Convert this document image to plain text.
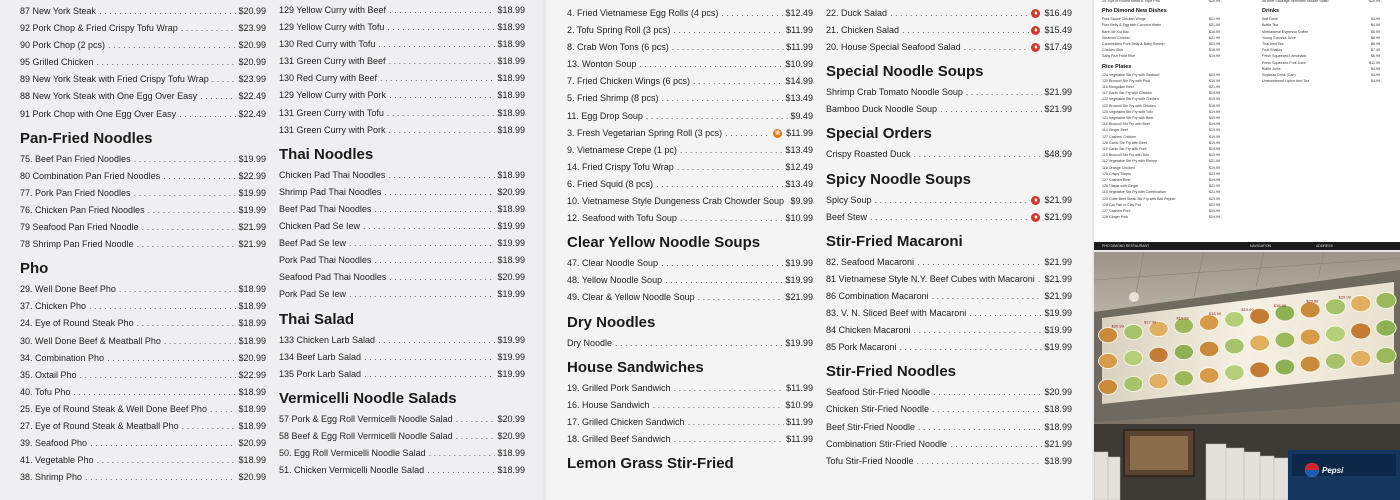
87 New York Steak . . .	$20.99
92 Pork Chop & Fried Crispy Tofu Wrap . . .	$23.99
90 Pork Chop (2 pcs) . . .	$20.99
95 Grilled Chicken . . .	$20.99
89 New York Steak with Fried Crispy Tofu Wrap . . .	$23.99
88 New York Steak with One Egg Over Easy . . .	$22.49
91 Pork Chop with One Egg Over Easy . . .	$22.49
Pan-Fried Noodles
75. Beef Pan Fried Noodles . . .	$19.99
80 Combination Pan Fried Noodles . . .	$22.99
77. Pork Pan Fried Noodles . . .	$19.99
76. Chicken Pan Fried Noodles . . .	$19.99
79 Seafood Pan Fried Noodle . . .	$21.99
78 Shrimp Pan Fried Noodle . . .	$21.99
Pho
29. Well Done Beef Pho . . .	$18.99
37. Chicken Pho . . .	$18.99
24. Eye of Round Steak Pho . . .	$18.99
30. Well Done Beef & Meatball Pho . . .	$18.99
34. Combination Pho . . .	$20.99
35. Oxtail Pho . . .	$22.99
40. Tofu Pho . . .	$18.99
25. Eye of Round Steak & Well Done Beef Pho . . .	$18.99
27. Eye of Round Steak & Meatball Pho . . .	$18.99
39. Seafood Pho . . .	$20.99
41. Vegetable Pho . . .	$18.99
38. Shrimp Pho . . .	$20.99
129 Yellow Curry with Beef . . .	$18.99
129 Yellow Curry with Tofu . . .	$18.99
130 Red Curry with Tofu . . .	$18.99
131 Green Curry with Beef . . .	$18.99
130 Red Curry with Beef . . .	$18.99
129 Yellow Curry with Pork . . .	$18.99
131 Green Curry with Tofu . . .	$18.99
131 Green Curry with Pork . . .	$18.99
Thai Noodles
Chicken Pad Thai Noodles . . .	$18.99
Shrimp Pad Thai Noodles . . .	$20.99
Beef Pad Thai Noodles . . .	$18.99
Chicken Pad Se Iew . . .	$19.99
Beef Pad Se Iew . . .	$19.99
Pork Pad Thai Noodles . . .	$18.99
Seafood Pad Thai Noodles . . .	$20.99
Pork Pad Se Iew . . .	$19.99
Thai Salad
133 Chicken Larb Salad . . .	$19.99
134 Beef Larb Salad . . .	$19.99
135 Pork Larb Salad . . .	$19.99
Vermicelli Noodle Salads
57 Pork & Egg Roll Vermicelli Noodle Salad . . .	$20.99
58 Beef & Egg Roll Vermicelli Noodle Salad . . .	$20.99
50. Egg Roll Vermicelli Noodle Salad . . .	$18.99
51. Chicken Vermicelli Noodle Salad . . .	$18.99
4. Fried Vietnamese Egg Rolls (4 pcs) . . .	$12.49
2. Tofu Spring Roll (3 pcs) . . .	$11.99
8. Crab Won Tons (6 pcs) . . .	$11.99
13. Wonton Soup . . .	$10.99
7. Fried Chicken Wings (6 pcs) . . .	$14.99
5. Fried Shrimp (8 pcs) . . .	$13.49
11. Egg Drop Soup . . .	$9.49
3. Fresh Vegetarian Spring Roll (3 pcs) . . .	❀ $11.99
9. Vietnamese Crepe (1 pc) . . .	$13.49
14. Fried Crispy Tofu Wrap . . .	$12.49
6. Fried Squid (8 pcs) . . .	$13.49
10. Vietnamese Style Dungeness Crab Chowder Soup . . . $9.99
12. Seafood with Tofu Soup . . .	$10.99
Clear Yellow Noodle Soups
47. Clear Noodle Soup . . .	$19.99
48. Yellow Noodle Soup . . .	$19.99
49. Clear & Yellow Noodle Soup . . .	$21.99
Dry Noodles
Dry Noodle . . .	$19.99
House Sandwiches
19. Grilled Pork Sandwich . . .	$11.99
16. House Sandwich . . .	$10.99
17. Grilled Chicken Sandwich . . .	$11.99
18. Grilled Beef Sandwich . . .	$11.99
Lemon Grass Stir-Fried
22. Duck Salad . . .	♦ $16.49
21. Chicken Salad . . .	♦ $15.49
20. House Special Seafood Salad . . .	♦ $17.49
Special Noodle Soups
Shrimp Crab Tomato Noodle Soup . . .	$21.99
Bamboo Duck Noodle Soup . . .	$21.99
Special Orders
Crispy Roasted Duck . . .	$48.99
Spicy Noodle Soups
Spicy Soup . . .	♦ $21.99
Beef Stew . . .	♦ $21.99
Stir-Fried Macaroni
82. Seafood Macaroni . . .	$21.99
81 Vietnamese Style N.Y. Beef Cubes with Macaroni . . .	$21.99
86 Combination Macaroni . . .	$21.99
83. V. N. Sliced Beef with Macaroni . . .	$19.99
84 Chicken Macaroni . . .	$19.99
85 Pork Macaroni . . .	$19.99
Stir-Fried Noodles
Seafood Stir-Fried Noodle . . .	$20.99
Chicken Stir-Fried Noodle . . .	$18.99
Beef Stir-Fried Noodle . . .	$18.99
Combination Stir-Fried Noodle . . .	$21.99
Tofu Stir-Fried Noodle . . .	$18.99
25. Eye of Round Steak & Tripe Pho	$20.99
Pho Dimond New Dishes
Pork Sauce Chicken Wings	$21.99
Pork Belly & Egg with Coconut Water	$21.99
Bánh Mì Xíu Mại	$18.99
Steamed Chicken	$21.99
Caramelized Pork Belly & Baby Shrimp	$23.99
Chicken Skin	$19.99
Salty Fish Fried Rice	$19.99
Rice Plates
124 Vegetable Stir Fry with Seafood	$23.99
120 Broccoli Stir Fry with Pork	$19.99
116 Mongolian Beef	$21.99
117 Garlic Stir Fry with Chicken	$19.99
122 Vegetable Stir Fry with Chicken	$19.99
122 Broccoli Stir Fry with Chicken	$19.99
120 Vegetable Stir Fry with Tofu	$19.99
121 Vegetable Stir Fry with Beef	$19.99
118 Broccoli Stir Fry with Beef	$19.99
114 Ginger Beef	$19.99
127 Cashew Chicken	$19.99
126 Garlic Stir Fry with Beef	$19.99
119 Garlic Stir Fry with Pork	$19.99
115 Broccoli Stir Fry with Tofu	$19.99
112 Vegetable Stir Fry with Shrimp	$21.99
116 Orange Chicken	$19.99
125 Crispy Tilapia	$23.99
127 Cashew Beef	$19.99
126 Tilapia with Ginger	$21.99
113 Vegetable Stir Fry with Combination	$21.99
123 Cube Beef Steak Stir Fry with Bell Pepper	$23.99
128 Cat Fish in Clay Pot	$23.99
127 Cashew Pork	$19.99
128 Ginger Pork	$19.99
56 Beef Sausage Vermicelli Noodle Salad	$20.99
Drinks
Soft Drink	$3.99
Bottle Tea	$4.99
Vietnamese Espresso Coffee	$6.99
Young Coconut Juice	$6.99
Thai Iced Tea	$6.99
Fruit Shakes	$7.49
Fresh Squeezed Lemonade	$6.99
Fresh Squeezed Fruit Juice	$11.99
Bottle Juice	$4.99
Soybean Drink (Can)	$3.99
Unsweetened Lipton Iced Tea	$4.99
PHO DIMOND RESTAURANT	NAVIGATION	ADDRESS
$20.99
$17.49
$19.99
$18.99
$19.99
$18.99
$20.99
$19.99
Pepsi
